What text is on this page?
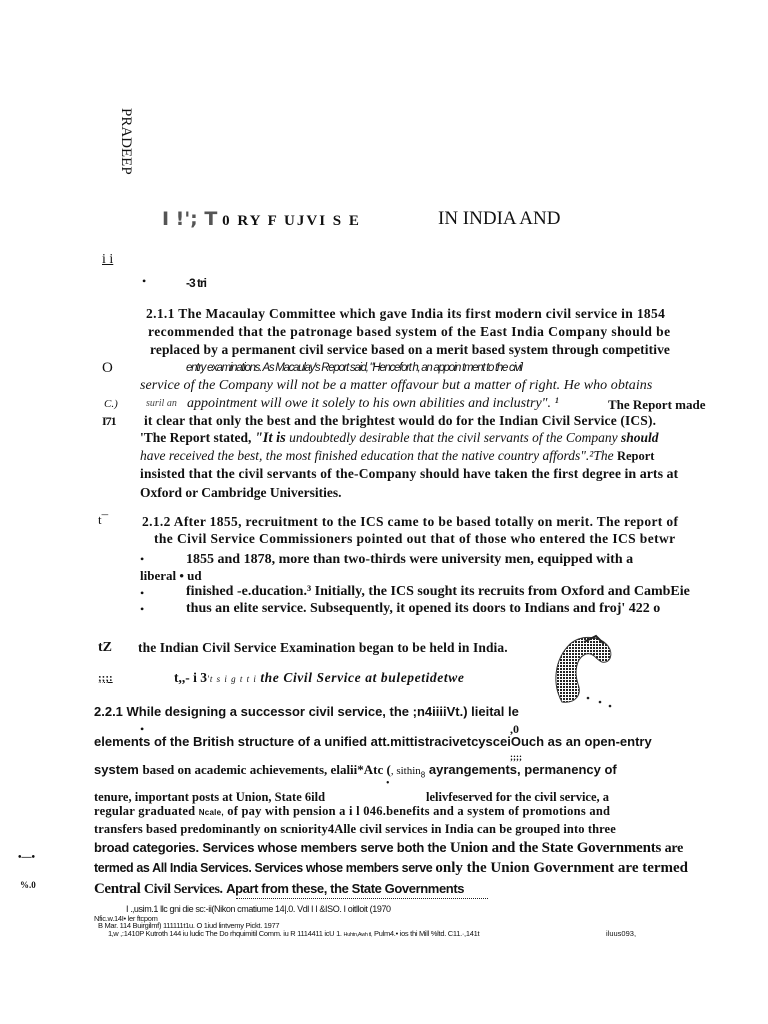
PRADEEP
I !'; T 0 RY F UJVI S E	IN INDIA AND
i i
•	-3 tri
2.1.1 The Macaulay Committee which gave India its first modern civil service in 1854
recommended that the patronage based system of the East India Company should be
replaced by a permanent civil service based on a merit based system through competitive
O	entry examinations. As Macaulay's Report said, "Hencefort h, an appoin tment to the civil
service of the Company will not be a matter offavour but a matter of right. He who obtains
C.)	suril an appointment will owe it solely to his own abilities and inclustry". ¹	The Report made
I71 it clear that only the best and the brightest would do for the Indian Civil Service (ICS).
'The Report stated, "It is undoubtedly desirable that the civil servants of the Company should
have received the best, the most finished education that the native country affords".²The Report
insisted that the civil servants of the-Company should have taken the first degree in arts at
Oxford or Cambridge Universities.
t¯	2.1.2 After 1855, recruitment to the ICS came to be based totally on merit. The report of
the Civil Service Commissioners pointed out that of those who entered the ICS betwr
•	1855 and 1878, more than two-thirds were university men, equipped with a
liberal • ud
•	finished -e.ducation.³ Initially, the ICS sought its recruits from Oxford and CambEie
•	thus an elite service. Subsequently, it opened its doors to Indians and froj' 422 o
tZ the Indian Civil Service Examination began to be held in India.
;;;:	t,,- i 3't s i g t t i the Civil Service at bulepetidetwe
2.2.1 While designing a successor civil service, the ;n4iiiiVt.) lieital le
•	,0
elements of the British structure of a unified att.mittistracivetcysceiOuch as an open-entry
;;;;
system based on academic achievements, elalii*Atc (, sithin$_8$ ayrangements, permanency of
•
tenure, important posts at Union, State 6ild	lelivfeserved for the civil service, a
regular graduated Ncale, of pay with pension a i l 046.benefits and a system of promotions and
transfers based predominantly on scniority4Alle civil services in India can be grouped into three
broad categories. Services whose members serve both the Union and the State Governments are
•—•
termed as All India Services. Services whose members serve only the Union Government are termed
%.0	Central Civil Services. Apart from these, the State Governments
I .‚usim.1 llc gni die sc:-ii(Nikon cmatiume 14|.0. Vdl I I &ISO. I oitlloit (1970
Nfic.w.14I• ler ftcpom
B Mar. 114 Buirgilmf) 111111t1u. O 1iud lintvemy Pickt. 1977
1‚w ,:1410P Kutroth 144 iu ludic The Do rhquimitil Comm. iu R 1114411 icU 1. Huhtn,Awh tl, Pulm4.• ios thi Mill %ltd. C11.·,141t	iluus093,
